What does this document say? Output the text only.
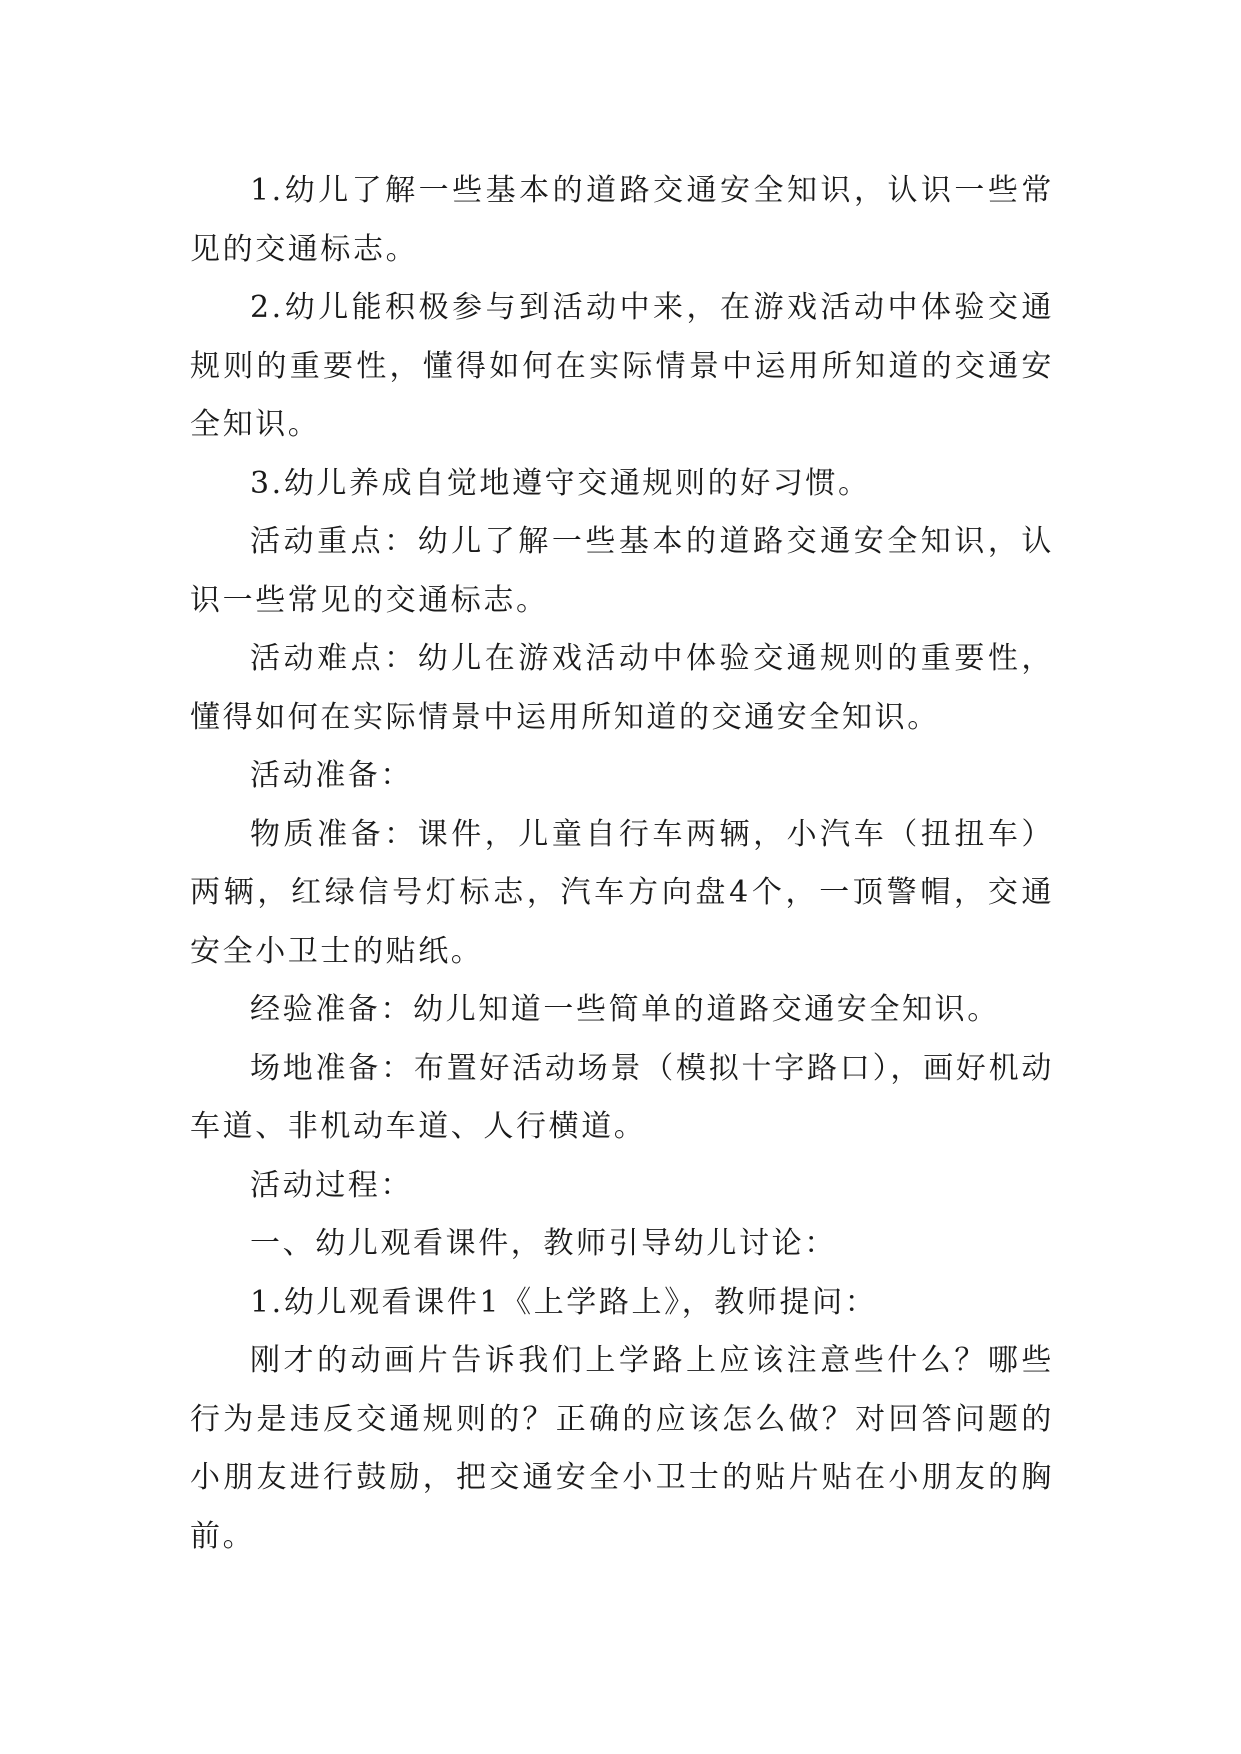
1.幼儿了解一些基本的道路交通安全知识，认识一些常见的交通标志。

2.幼儿能积极参与到活动中来，在游戏活动中体验交通规则的重要性，懂得如何在实际情景中运用所知道的交通安全知识。

3.幼儿养成自觉地遵守交通规则的好习惯。

活动重点：幼儿了解一些基本的道路交通安全知识，认识一些常见的交通标志。

活动难点：幼儿在游戏活动中体验交通规则的重要性，懂得如何在实际情景中运用所知道的交通安全知识。

活动准备：

物质准备：课件，儿童自行车两辆，小汽车（扭扭车）两辆，红绿信号灯标志，汽车方向盘4个，一顶警帽，交通安全小卫士的贴纸。

经验准备：幼儿知道一些简单的道路交通安全知识。

场地准备：布置好活动场景（模拟十字路口），画好机动车道、非机动车道、人行横道。

活动过程：

一、幼儿观看课件，教师引导幼儿讨论：

1.幼儿观看课件1《上学路上》，教师提问：

刚才的动画片告诉我们上学路上应该注意些什么？哪些行为是违反交通规则的？正确的应该怎么做？对回答问题的小朋友进行鼓励，把交通安全小卫士的贴片贴在小朋友的胸前。
